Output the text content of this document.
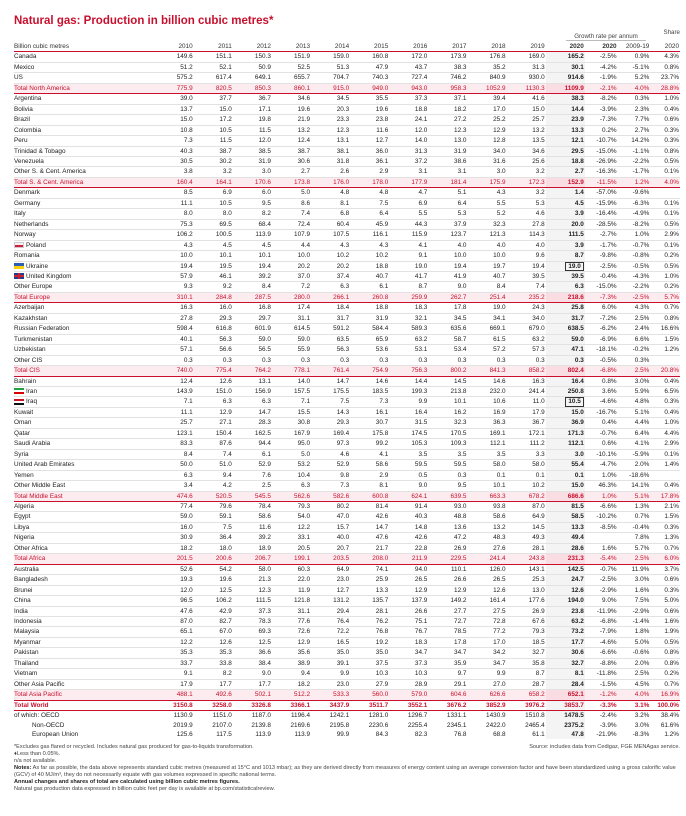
Natural gas: Production in billion cubic metres*
Growth rate per annum
Share
Billion cubic metres	2010	2011	2012	2013	2014	2015	2016	2017	2018	2019	2020	2020	2009-19	2020
Canada	149.6	151.1	150.3	151.9	159.0	160.8	172.0	173.9	176.8	169.0	165.2	-2.5%	0.9%	4.3%
Mexico	51.2	52.1	50.9	52.5	51.3	47.9	43.7	38.3	35.2	31.3	30.1	-4.2%	-5.1%	0.8%
US	575.2	617.4	649.1	655.7	704.7	740.3	727.4	746.2	840.9	930.0	914.6	-1.9%	5.2%	23.7%
Total North America	775.9	820.5	850.3	860.1	915.0	949.0	943.0	958.3	1052.9	1130.3	1109.9	-2.1%	4.0%	28.8%
Argentina	39.0	37.7	36.7	34.6	34.5	35.5	37.3	37.1	39.4	41.6	38.3	-8.2%	0.3%	1.0%
Bolivia	13.7	15.0	17.1	19.6	20.3	19.6	18.8	18.2	17.0	15.0	14.4	-3.9%	2.3%	0.4%
Brazil	15.0	17.2	19.8	21.9	23.3	23.8	24.1	27.2	25.2	25.7	23.9	-7.3%	7.7%	0.6%
Colombia	10.8	10.5	11.5	13.2	12.3	11.6	12.0	12.3	12.9	13.2	13.3	0.2%	2.7%	0.3%
Peru	7.3	11.5	12.0	12.4	13.1	12.7	14.0	13.0	12.8	13.5	12.1	-10.7%	14.2%	0.3%
Trinidad & Tobago	40.3	38.7	38.5	38.7	38.1	36.0	31.3	31.9	34.0	34.6	29.5	-15.0%	-1.1%	0.8%
Venezuela	30.5	30.2	31.9	30.6	31.8	36.1	37.2	38.6	31.6	25.6	18.8	-26.9%	-2.2%	0.5%
Other S. & Cent. America	3.8	3.2	3.0	2.7	2.6	2.9	3.1	3.1	3.0	3.2	2.7	-16.3%	-1.7%	0.1%
Total S. & Cent. America	160.4	164.1	170.6	173.8	176.0	178.0	177.9	181.4	175.9	172.3	152.9	-11.5%	1.2%	4.0%
Denmark	8.5	6.9	6.0	5.0	4.8	4.8	4.7	5.1	4.3	3.2	1.4	-57.0%	-9.6%	
Germany	11.1	10.5	9.5	8.6	8.1	7.5	6.9	6.4	5.5	5.3	4.5	-15.9%	-6.3%	0.1%
Italy	8.0	8.0	8.2	7.4	6.8	6.4	5.5	5.3	5.2	4.6	3.9	-16.4%	-4.9%	0.1%
Netherlands	75.3	69.5	68.4	72.4	60.4	45.9	44.3	37.9	32.3	27.8	20.0	-28.5%	-8.2%	0.5%
Norway	106.2	100.5	113.9	107.9	107.5	116.1	115.9	123.7	121.3	114.3	111.5	-2.7%	1.0%	2.9%
Poland	4.3	4.5	4.5	4.4	4.3	4.3	4.1	4.0	4.0	4.0	3.9	-1.7%	-0.7%	0.1%
Romania	10.0	10.1	10.1	10.0	10.2	10.2	9.1	10.0	10.0	9.6	8.7	-9.8%	-0.8%	0.2%
Ukraine	19.4	19.5	19.4	20.2	20.2	18.8	19.0	19.4	19.7	19.4	19.0	-2.5%	-0.5%	0.5%
United Kingdom	57.9	46.1	39.2	37.0	37.4	40.7	41.7	41.9	40.7	39.5	39.5	-0.4%	-4.3%	1.0%
Other Europe	9.3	9.2	8.4	7.2	6.3	6.1	8.7	9.0	8.4	7.4	6.3	-15.0%	-2.2%	0.2%
Total Europe	310.1	284.8	287.5	280.0	266.1	260.8	259.9	262.7	251.4	235.2	218.6	-7.3%	-2.5%	5.7%
Azerbaijan	16.3	16.0	16.8	17.4	18.4	18.8	18.3	17.8	19.0	24.3	25.8	6.0%	4.3%	0.7%
Kazakhstan	27.8	29.3	29.7	31.1	31.7	31.9	32.1	34.5	34.1	34.0	31.7	-7.2%	2.5%	0.8%
Russian Federation	598.4	616.8	601.9	614.5	591.2	584.4	589.3	635.6	669.1	679.0	638.5	-6.2%	2.4%	16.6%
Turkmenistan	40.1	56.3	59.0	59.0	63.5	65.9	63.2	58.7	61.5	63.2	59.0	-6.9%	6.6%	1.5%
Uzbekistan	57.1	56.6	56.5	55.9	56.3	53.6	53.1	53.4	57.2	57.3	47.1	-18.1%	-0.2%	1.2%
Other CIS	0.3	0.3	0.3	0.3	0.3	0.3	0.3	0.3	0.3	0.3	0.3	-0.5%	0.3%	
Total CIS	740.0	775.4	764.2	778.1	761.4	754.9	756.3	800.2	841.3	858.2	802.4	-6.8%	2.5%	20.8%
Bahrain	12.4	12.6	13.1	14.0	14.7	14.6	14.4	14.5	14.6	16.3	16.4	0.8%	3.0%	0.4%
Iran	143.9	151.0	156.9	157.5	175.5	183.5	199.3	213.8	232.0	241.4	250.8	3.6%	5.9%	6.5%
Iraq	7.1	6.3	6.3	7.1	7.5	7.3	9.9	10.1	10.6	11.0	10.5	-4.6%	4.8%	0.3%
Kuwait	11.1	12.9	14.7	15.5	14.3	16.1	16.4	16.2	16.9	17.9	15.0	-16.7%	5.1%	0.4%
Oman	25.7	27.1	28.3	30.8	29.3	30.7	31.5	32.3	36.3	36.7	36.9	0.4%	4.4%	1.0%
Qatar	123.1	150.4	162.5	167.9	169.4	175.8	174.5	170.5	169.1	172.1	171.3	-0.7%	6.4%	4.4%
Saudi Arabia	83.3	87.6	94.4	95.0	97.3	99.2	105.3	109.3	112.1	111.2	112.1	0.6%	4.1%	2.9%
Syria	8.4	7.4	6.1	5.0	4.6	4.1	3.5	3.5	3.5	3.3	3.0	-10.1%	-5.9%	0.1%
United Arab Emirates	50.0	51.0	52.9	53.2	52.9	58.6	59.5	59.5	58.0	58.0	55.4	-4.7%	2.0%	1.4%
Yemen	6.3	9.4	7.6	10.4	9.8	2.9	0.5	0.3	0.1	0.1	0.1	1.0%	-18.6%	
Other Middle East	3.4	4.2	2.5	6.3	7.3	8.1	9.0	9.5	10.1	10.2	15.0	46.3%	14.1%	0.4%
Total Middle East	474.6	520.5	545.5	562.6	582.6	600.8	624.1	639.5	663.3	678.2	686.6	1.0%	5.1%	17.8%
Algeria	77.4	79.6	78.4	79.3	80.2	81.4	91.4	93.0	93.8	87.0	81.5	-6.6%	1.3%	2.1%
Egypt	59.0	59.1	58.6	54.0	47.0	42.6	40.3	48.8	58.6	64.9	58.5	-10.2%	0.7%	1.5%
Libya	16.0	7.5	11.6	12.2	15.7	14.7	14.8	13.6	13.2	14.5	13.3	-8.5%	-0.4%	0.3%
Nigeria	30.9	36.4	39.2	33.1	40.0	47.6	42.6	47.2	48.3	49.3	49.4		7.8%	1.3%
Other Africa	18.2	18.0	18.9	20.5	20.7	21.7	22.8	26.9	27.6	28.1	28.6	1.6%	5.7%	0.7%
Total Africa	201.5	200.6	206.7	199.1	203.5	208.0	211.9	229.5	241.4	243.8	231.3	-5.4%	2.5%	6.0%
Australia	52.6	54.2	58.0	60.3	64.9	74.1	94.0	110.1	126.0	143.1	142.5	-0.7%	11.9%	3.7%
Bangladesh	19.3	19.6	21.3	22.0	23.0	25.9	26.5	26.6	26.5	25.3	24.7	-2.5%	3.0%	0.6%
Brunei	12.0	12.5	12.3	11.9	12.7	13.3	12.9	12.9	12.6	13.0	12.6	-2.9%	1.6%	0.3%
China	96.5	106.2	111.5	121.8	131.2	135.7	137.9	149.2	161.4	177.6	194.0	9.0%	7.5%	5.0%
India	47.6	42.9	37.3	31.1	29.4	28.1	26.6	27.7	27.5	26.9	23.8	-11.9%	-2.9%	0.6%
Indonesia	87.0	82.7	78.3	77.6	76.4	76.2	75.1	72.7	72.8	67.6	63.2	-6.8%	-1.4%	1.6%
Malaysia	65.1	67.0	69.3	72.6	72.2	76.8	76.7	78.5	77.2	79.3	73.2	-7.9%	1.8%	1.9%
Myanmar	12.2	12.6	12.5	12.9	16.5	19.2	18.3	17.8	17.0	18.5	17.7	-4.6%	5.0%	0.5%
Pakistan	35.3	35.3	36.6	35.6	35.0	35.0	34.7	34.7	34.2	32.7	30.6	-6.6%	-0.6%	0.8%
Thailand	33.7	33.8	38.4	38.9	39.1	37.5	37.3	35.9	34.7	35.8	32.7	-8.8%	2.0%	0.8%
Vietnam	9.1	8.2	9.0	9.4	9.9	10.3	10.3	9.7	9.9	8.7	8.1	-11.8%	2.5%	0.2%
Other Asia Pacific	17.9	17.7	17.7	18.2	23.0	27.9	28.9	29.1	27.0	28.7	28.4	-1.5%	4.5%	0.7%
Total Asia Pacific	488.1	492.6	502.1	512.2	533.3	560.0	579.0	604.6	626.6	658.2	652.1	-1.2%	4.0%	16.9%
Total World	3150.8	3258.0	3326.8	3366.1	3437.9	3511.7	3552.1	3676.2	3852.9	3976.2	3853.7	-3.3%	3.1%	100.0%
of which: OECD	1130.9	1151.0	1187.0	1196.4	1242.1	1281.0	1296.7	1331.1	1430.9	1510.8	1478.5	-2.4%	3.2%	38.4%
Non-OECD	2019.9	2107.0	2139.8	2169.6	2195.8	2230.6	2255.4	2345.1	2422.0	2465.4	2375.2	-3.9%	3.0%	61.6%
European Union	125.6	117.5	113.9	113.9	99.9	84.3	82.3	76.8	68.8	61.1	47.8	-21.9%	-8.3%	1.2%
Source: includes data from Cedigaz, FGE MENAgas service.
*Excludes gas flared or recycled. Includes natural gas produced for gas-to-liquids transformation.
♦Less than 0.05%.
n/a not available.
Notes: As far as possible, the data above represents standard cubic metres (measured at 15°C and 1013 mbar); as they are derived directly from measures of energy content using an average conversion factor and have been standardized using a gross calorific value (GCV) of 40 MJ/m³, they do not necessarily equate with gas volumes expressed in specific national terms.
Annual changes and shares of total are calculated using billion cubic metres figures.
Natural gas production data expressed in billion cubic feet per day is available at bp.com/statisticalreview.
